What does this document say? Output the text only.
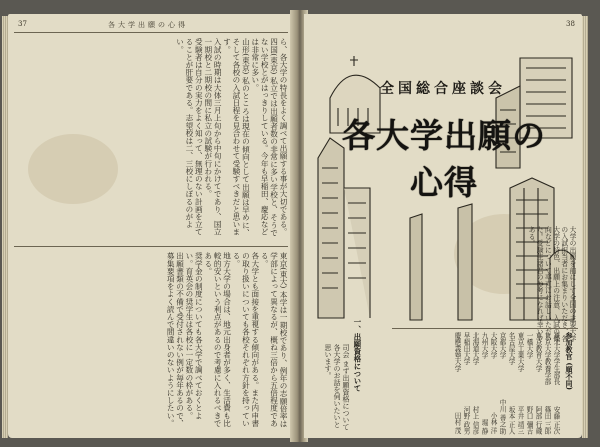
37	各大学出願の心得

ら、各大学の特長をよく調べて出願する事が大切である。

四国(東京) 私立では出願者数の非常に多い学校と、そうでない学校とがはっきりしている。今年も早稲田、慶応などは非常に多い。

山形(東京) 私のところは現在の傾向として出願は早めに、そして各校の入試日程を見合わせて受験すべきだと思います。

入試の時期は大体三月上旬から中旬にかけてであり、国立一期校と二期校の間に私立の試験が行われる。

受験者は自分の実力をよく知って、無理のない計画を立てることが肝要である。志望校は二、三校にしぼるのがよい。

東京(東大) 本学は一期校であり、例年の志願倍率は学部によって異なるが、概ね三倍から五倍程度である。

各大学とも面接を重視する傾向がある。また内申書の取り扱いについても各校それぞれ方針を持っている。

地方大学の場合は、地元出身者が多く、生活費も比較的安いという利点があるので考慮に入れるべきである。

奨学金の制度についても各大学で調べておくとよい。育英会の奨学生は各校に一定数の枠がある。

出願書類の不備で受付されない例が毎年あるので、募集要項をよく読んで間違いのないようにしたい。

38
全国総合座談会
各大学出願の心得
大学の出願を前にして全国の主要大学の入試担当者にお集まりいただき、各大学の特色、出願上の注意、入試の傾向などについて率直にお話しいただいた。受験生諸君の参考になれば幸いである。
参加教官 (順不同)
東北大学学生部長
安藤 正次
東京大学教養学部
篠田 三郎
東京教育大学
阿部 行蔵
一橋大学
野口 彌吉
東京工業大学
平井 靖三
名古屋大学
坂本 正人
京都大学
中川 善之助
大阪大学
小林 洋
九州大学
堀 静
北海道大学
村上 信彦
早稲田大学
河野 政男
慶應義塾大学
田村 茂
一、出願資格について
司会 まず出願資格について各大学のお話を伺いたいと思います。
